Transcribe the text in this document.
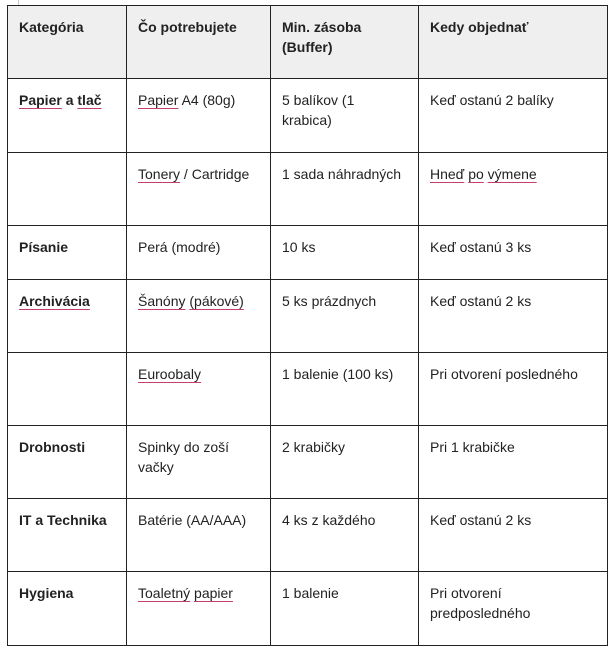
Kategória	Čo potrebujete	Min. zásoba (Buffer)	Kedy objednať
Papier a tlač	Papier A4 (80g)	5 balíkov (1 krabica)	Keď ostanú 2 balíky
	Tonery / Cartridge	1 sada náhradných	Hneď po výmene
Písanie	Perá (modré)	10 ks	Keď ostanú 3 ks
Archivácia	Šanóny (pákové)	5 ks prázdnych	Keď ostanú 2 ks
	Euroobaly	1 balenie (100 ks)	Pri otvorení posledného
Drobnosti	Spinky do zoší vačky	2 krabičky	Pri 1 krabičke
IT a Technika	Batérie (AA/AAA)	4 ks z každého	Keď ostanú 2 ks
Hygiena	Toaletný papier	1 balenie	Pri otvorení predposledného
